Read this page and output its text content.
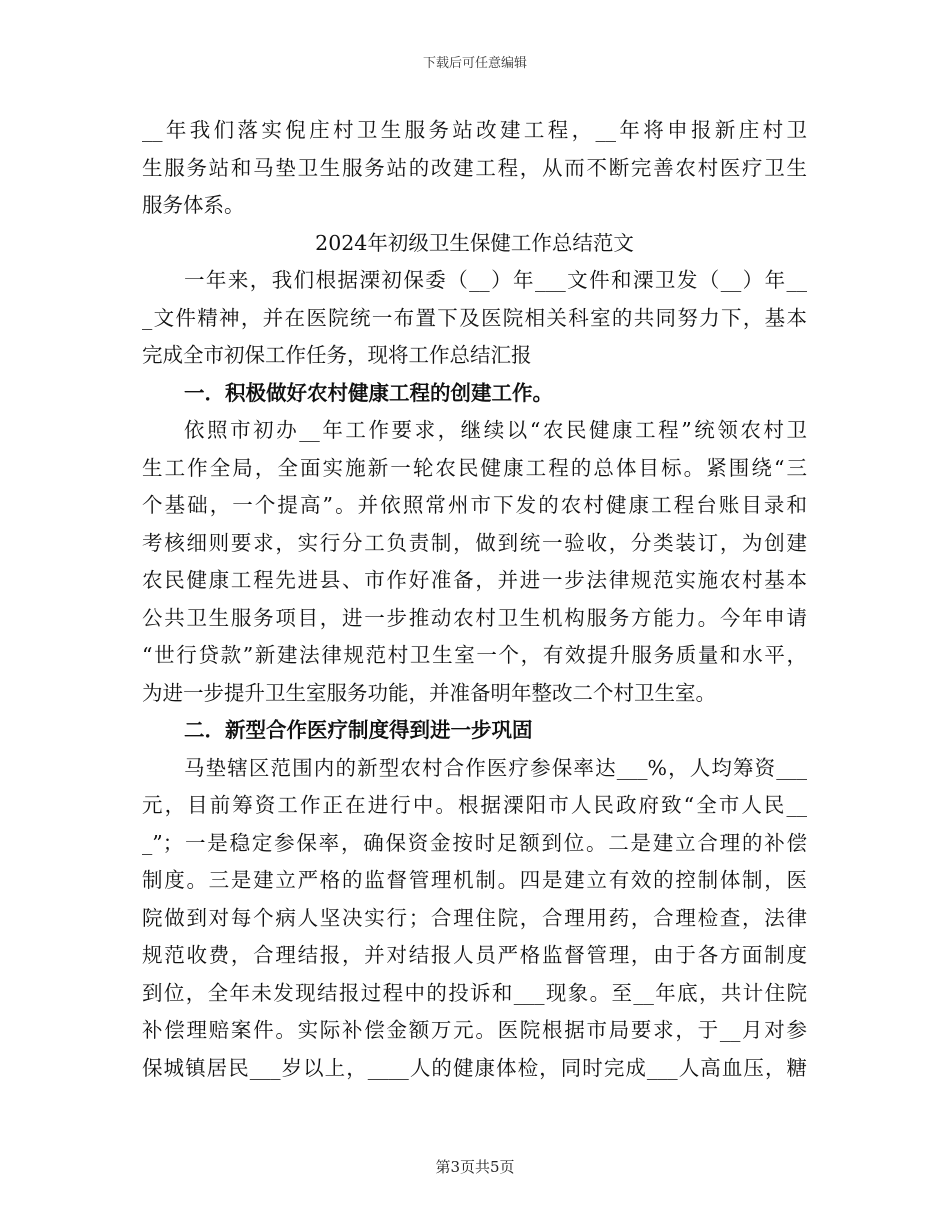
下载后可任意编辑
__年我们落实倪庄村卫生服务站改建工程，__年将申报新庄村卫
生服务站和马垫卫生服务站的改建工程，从而不断完善农村医疗卫生
服务体系。
2024年初级卫生保健工作总结范文
一年来，我们根据溧初保委（__）年___文件和溧卫发（__）年__
_文件精神，并在医院统一布置下及医院相关科室的共同努力下，基本
完成全市初保工作任务，现将工作总结汇报
一．积极做好农村健康工程的创建工作。
依照市初办__年工作要求，继续以“农民健康工程”统领农村卫
生工作全局，全面实施新一轮农民健康工程的总体目标。紧围绕“三
个基础，一个提高”。并依照常州市下发的农村健康工程台账目录和
考核细则要求，实行分工负责制，做到统一验收，分类装订，为创建
农民健康工程先进县、市作好准备，并进一步法律规范实施农村基本
公共卫生服务项目，进一步推动农村卫生机构服务方能力。今年申请
“世行贷款”新建法律规范村卫生室一个，有效提升服务质量和水平，
为进一步提升卫生室服务功能，并准备明年整改二个村卫生室。
二．新型合作医疗制度得到进一步巩固
马垫辖区范围内的新型农村合作医疗参保率达___%，人均筹资___
元，目前筹资工作正在进行中。根据溧阳市人民政府致“全市人民__
_”；一是稳定参保率，确保资金按时足额到位。二是建立合理的补偿
制度。三是建立严格的监督管理机制。四是建立有效的控制体制，医
院做到对每个病人坚决实行；合理住院，合理用药，合理检查，法律
规范收费，合理结报，并对结报人员严格监督管理，由于各方面制度
到位，全年未发现结报过程中的投诉和___现象。至__年底，共计住院
补偿理赔案件。实际补偿金额万元。医院根据市局要求，于__月对参
保城镇居民___岁以上，____人的健康体检，同时完成___人高血压，糖
第3页共5页
